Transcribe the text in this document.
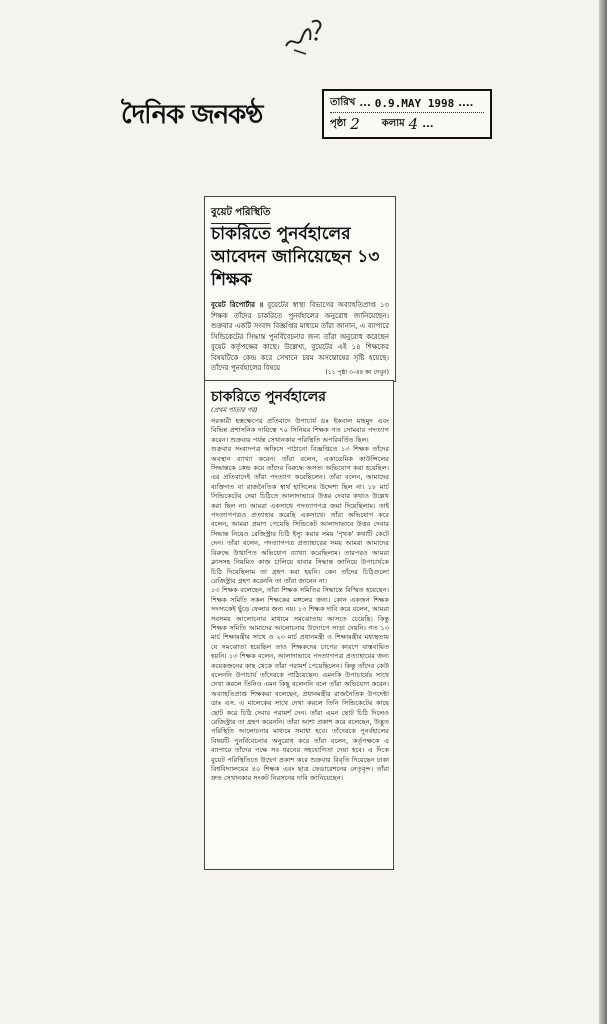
দৈনিক জনকণ্ঠ	তারিখ ... 0.9.MAY 1998 ....
পৃষ্ঠা 2 কলাম 4 ...
বুয়েট পরিস্থিতি
চাকরিতে পুনর্বহালের আবেদন জানিয়েছেন ১৩ শিক্ষক
বুয়েট রিপোর্টার ॥ বুয়েটের স্বাস্থ্য বিভাগের অব্যাহতিপ্রাপ্ত ১৩ শিক্ষক তাঁদের চাকরিতে পুনর্বহালের অনুরোধ জানিয়েছেন। শুক্রবার একটি সংবাদ বিজ্ঞপ্তির মাধ্যমে তাঁরা জানান, এ ব্যাপারে সিন্ডিকেটের সিদ্ধান্ত পুনর্বিবেচনার জন্য তাঁরা অনুরোধ করেছেন বুয়েট কর্তৃপক্ষের কাছে। উল্লেখ্য, বুয়েটের এই ১৪ শিক্ষকের বিষয়টিকে কেন্দ্র করে সেখানে চরম অসন্তোষের সৃষ্টি হয়েছে। তাঁদের পুনর্বহালের বিষয়ে
(১১ পৃষ্ঠা ৩-এর কং দেখুন)
চাকরিতে পুনর্বহালের
(প্রথম পাতার পর)

সরকারী হস্তক্ষেপের প্রতিবাদে উপাচার্য ডঃ ইকবাল মাহমুদ এবং বিভিন্ন প্রশাসনিক দায়িত্বে ৭০ সিনিয়র শিক্ষক গত সোমবার পদত্যাগ করেন। শুক্রবার পর্যন্ত সেখানকার পরিস্থিতি অপরিবর্তিত ছিল।

শুক্রবার সংবাদপত্র অফিসে পাঠানো বিজ্ঞপ্তিতে ১৩ শিক্ষক তাঁদের অবস্থান ব্যাখ্যা করেন। তাঁরা বলেন, একাডেমিক কাউন্সিলের সিদ্ধান্তকে কেন্দ্র করে তাঁদের বিরুদ্ধে অসত্য অভিযোগ করা হয়েছিল। এর প্রতিবাদেই তাঁরা পদত্যাগ করেছিলেন। তাঁরা বলেন, আমাদের ব্যক্তিগত বা রাজনৈতিক স্বার্থ হাসিলের উদ্দেশ্য ছিল না। ১৮ মার্চ সিন্ডিকেটের দেয়া চিঠিতে আলাদাভাবে উত্তর দেবার কথাও উল্লেখ করা ছিল না। আমরা একসাথে পদত্যাগপত্র জমা দিয়েছিলাম। তাই পদত্যাগপত্রও প্রত্যাহার করেছি একসাথে। তাঁরা অভিযোগ করে বলেন, আমরা প্রমাণ পেয়েছি সিন্ডিকেট আলাদাভাবে উত্তর দেবার সিদ্ধান্ত নিয়েও রেজিস্ট্রার চিঠি ইস্যু করার সময় 'পৃথক' কথাটি কেটে দেন। তাঁরা বলেন, পদত্যাগপত্র প্রত্যাহারের সময় আমরা আমাদের বিরুদ্ধে উত্থাপিত অভিযোগ ব্যাখ্যা করেছিলাম। তারপরও আমরা ক্লাসসহ নিয়মিত কাজ চালিয়ে যাবার সিদ্ধান্ত জানিয়ে উপাচার্যকে চিঠি দিয়েছিলাম তা গ্রহণ করা হয়নি। কেন তাঁদের চিঠিগুলো রেজিস্ট্রার গ্রহণ করেননি তা তাঁরা জানেন না।

১৩ শিক্ষক বলেছেন, তাঁরা শিক্ষক সমিতির সিদ্ধান্তে বিস্মিত হয়েছেন। শিক্ষক সমিতি সকল শিক্ষকের মঙ্গলের জন্য। কোন একজন শিক্ষক সদস্যকেই ছুঁড়ে ফেলার জন্য নয়। ১৩ শিক্ষক দাবি করে বলেন, আমরা সবসময় আলোচনার মাধ্যমে সমঝোতায় আসতে চেয়েছি। কিন্তু শিক্ষক সমিতি আমাদের আলোচনার উদ্যোগে সাড়া দেয়নি। গত ১৩ মার্চ শিক্ষামন্ত্রীর সাথে ও ২৩ মার্চ প্রধানমন্ত্রী ও শিক্ষামন্ত্রীর মধ্যস্থতায় যে সমঝোতা হয়েছিল তাও শিক্ষকদের চাপের কারণে বাস্তবায়িত হয়নি। ১৩ শিক্ষক বলেন, আলাদাভাবে পদত্যাগপত্র প্রত্যাহারের জন্য কয়েকজনের কাছ থেকে তাঁরা পরামর্শ পেয়েছিলেন। কিন্তু তাঁদের কেউ বলেননি উপাচার্য তাঁদেরকে পাঠিয়েছেন। এমনকি উপাচার্যের সাথে দেখা করলে তিনিও এমন কিছু বলেননি বলে তাঁরা অভিযোগ করেন। অব্যাহতিপ্রাপ্ত শিক্ষকরা বলেছেন, প্রধানমন্ত্রীর রাজনৈতিক উপদেষ্টা ডাঃ এস. এ মালেকের সাথে দেখা করলে তিনি সিন্ডিকেটের কাছে ছোট করে চিঠি দেবার পরামর্শ দেন। তাঁরা এমন ছোট চিঠি দিলেও রেজিস্ট্রার তা গ্রহণ করেননি। তাঁরা আশা প্রকাশ করে বলেছেন, উদ্ভূত পরিস্থিতি আলোচনার মাধ্যমে সমাধা হবে। তাঁদেরকে পুনর্বহালের বিষয়টি পুনর্বিবেচনার অনুরোধ করে তাঁরা বলেন, কর্তৃপক্ষকে এ ব্যাপারে তাঁদের পক্ষে সব ধরনের সহযোগিতা দেয়া হবে। এ দিকে বুয়েট পরিস্থিতিতে উদ্বেগ প্রকাশ করে শুক্রবার বিবৃতি দিয়েছেন ঢাকা বিশ্ববিদ্যালয়ের ৪০ শিক্ষক এবং ছাত্র ফেডারেশনের নেতৃবৃন্দ। তাঁরা দ্রুত সেখানকার সংকট নিরসনের দাবি জানিয়েছেন।
